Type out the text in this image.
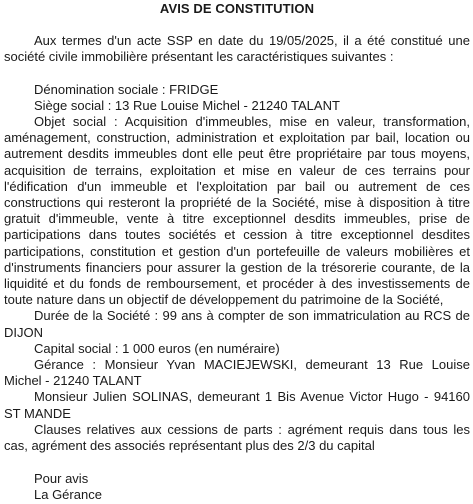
AVIS DE CONSTITUTION

Aux termes d'un acte SSP en date du 19/05/2025, il a été constitué une société civile immobilière présentant les caractéristiques suivantes :

Dénomination sociale : FRIDGE

Siège social : 13 Rue Louise Michel - 21240 TALANT

Objet social : Acquisition d'immeubles, mise en valeur, transformation, aménagement, construction, administration et exploitation par bail, location ou autrement desdits immeubles dont elle peut être propriétaire par tous moyens, acquisition de terrains, exploitation et mise en valeur de ces terrains pour l'édification d'un immeuble et l'exploitation par bail ou autrement de ces constructions qui resteront la propriété de la Société, mise à disposition à titre gratuit d'immeuble, vente à titre exceptionnel desdits immeubles, prise de participations dans toutes sociétés et cession à titre exceptionnel desdites participations, constitution et gestion d'un portefeuille de valeurs mobilières et d'instruments financiers pour assurer la gestion de la trésorerie courante, de la liquidité et du fonds de remboursement, et procéder à des investissements de toute nature dans un objectif de développement du patrimoine de la Société,

Durée de la Société : 99 ans à compter de son immatriculation au RCS de DIJON

Capital social : 1 000 euros (en numéraire)

Gérance : Monsieur Yvan MACIEJEWSKI, demeurant 13 Rue Louise Michel - 21240 TALANT

Monsieur Julien SOLINAS, demeurant 1 Bis Avenue Victor Hugo - 94160 ST MANDE

Clauses relatives aux cessions de parts : agrément requis dans tous les cas, agrément des associés représentant plus des 2/3 du capital

Pour avis

La Gérance
